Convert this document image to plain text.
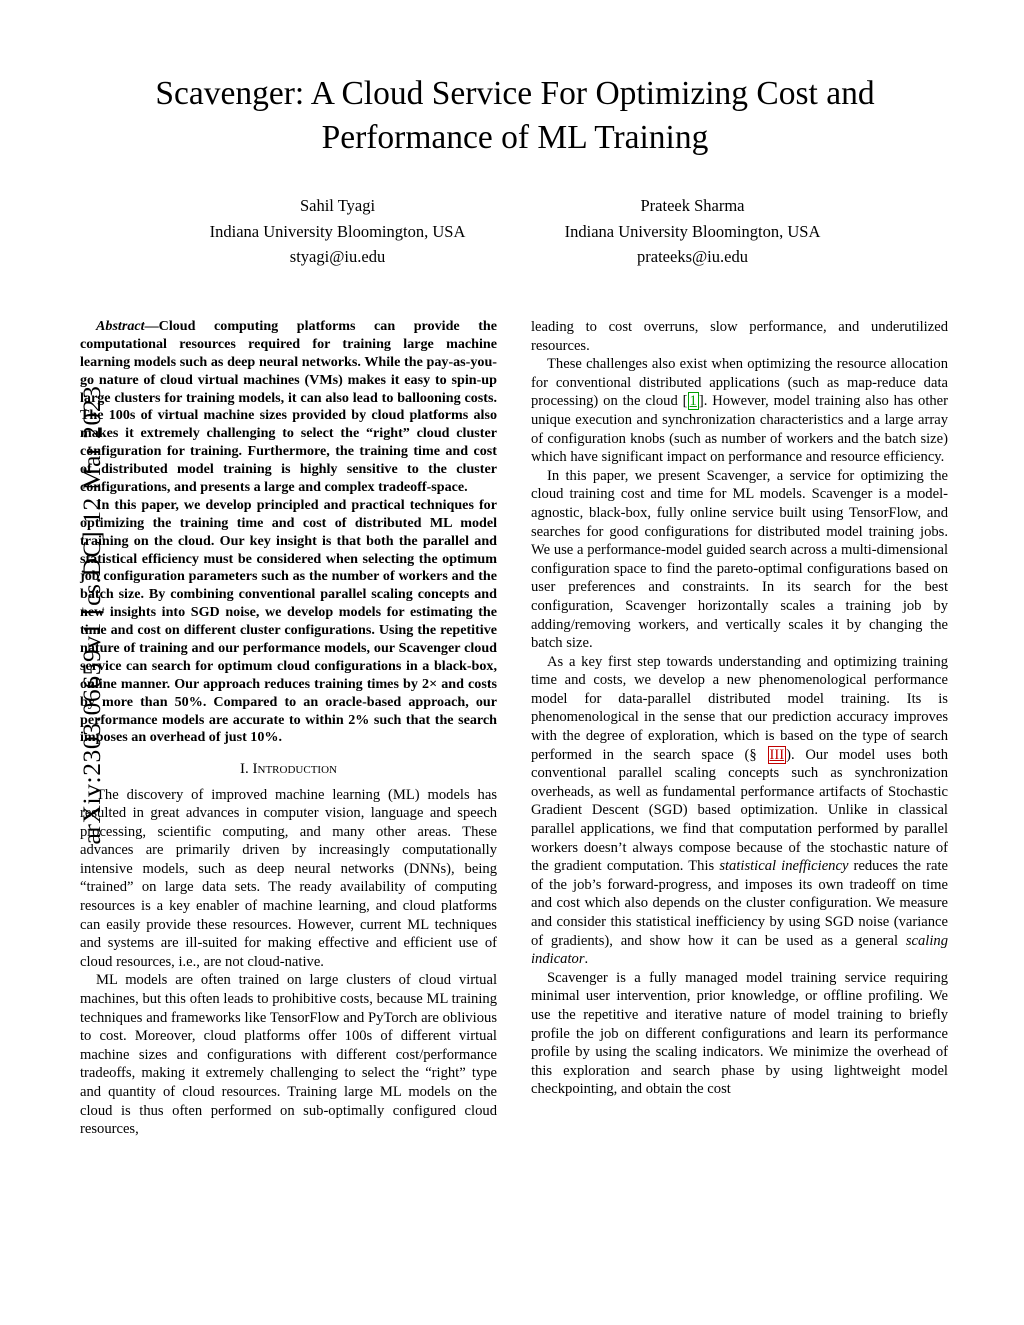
arXiv:2303.06659v1 [cs.DC] 12 Mar 2023
Scavenger: A Cloud Service For Optimizing Cost and Performance of ML Training
Sahil Tyagi
Indiana University Bloomington, USA
styagi@iu.edu
Prateek Sharma
Indiana University Bloomington, USA
prateeks@iu.edu

Abstract—Cloud computing platforms can provide the computational resources required for training large machine learning models such as deep neural networks. While the pay-as-you-go nature of cloud virtual machines (VMs) makes it easy to spin-up large clusters for training models, it can also lead to ballooning costs. The 100s of virtual machine sizes provided by cloud platforms also makes it extremely challenging to select the “right” cloud cluster configuration for training. Furthermore, the training time and cost of distributed model training is highly sensitive to the cluster configurations, and presents a large and complex tradeoff-space.

In this paper, we develop principled and practical techniques for optimizing the training time and cost of distributed ML model training on the cloud. Our key insight is that both the parallel and statistical efficiency must be considered when selecting the optimum job configuration parameters such as the number of workers and the batch size. By combining conventional parallel scaling concepts and new insights into SGD noise, we develop models for estimating the time and cost on different cluster configurations. Using the repetitive nature of training and our performance models, our Scavenger cloud service can search for optimum cloud configurations in a black-box, online manner. Our approach reduces training times by 2× and costs by more than 50%. Compared to an oracle-based approach, our performance models are accurate to within 2% such that the search imposes an overhead of just 10%.

I. Introduction

The discovery of improved machine learning (ML) models has resulted in great advances in computer vision, language and speech processing, scientific computing, and many other areas. These advances are primarily driven by increasingly computationally intensive models, such as deep neural networks (DNNs), being “trained” on large data sets. The ready availability of computing resources is a key enabler of machine learning, and cloud platforms can easily provide these resources. However, current ML techniques and systems are ill-suited for making effective and efficient use of cloud resources, i.e., are not cloud-native.

ML models are often trained on large clusters of cloud virtual machines, but this often leads to prohibitive costs, because ML training techniques and frameworks like TensorFlow and PyTorch are oblivious to cost. Moreover, cloud platforms offer 100s of different virtual machine sizes and configurations with different cost/performance tradeoffs, making it extremely challenging to select the “right” type and quantity of cloud resources. Training large ML models on the cloud is thus often performed on sub-optimally configured cloud resources,

leading to cost overruns, slow performance, and underutilized resources.

These challenges also exist when optimizing the resource allocation for conventional distributed applications (such as map-reduce data processing) on the cloud [ 1 ]. However, model training also has other unique execution and synchronization characteristics and a large array of configuration knobs (such as number of workers and the batch size) which have significant impact on performance and resource efficiency.

In this paper, we present Scavenger, a service for optimizing the cloud training cost and time for ML models. Scavenger is a model-agnostic, black-box, fully online service built using TensorFlow, and searches for good configurations for distributed model training jobs. We use a performance-model guided search across a multi-dimensional configuration space to find the pareto-optimal configurations based on user preferences and constraints. In its search for the best configuration, Scavenger horizontally scales a training job by adding/removing workers, and vertically scales it by changing the batch size.

As a key first step towards understanding and optimizing training time and costs, we develop a new phenomenological performance model for data-parallel distributed model training. Its is phenomenological in the sense that our prediction accuracy improves with the degree of exploration, which is based on the type of search performed in the search space (§ III ). Our model uses both conventional parallel scaling concepts such as synchronization overheads, as well as fundamental performance artifacts of Stochastic Gradient Descent (SGD) based optimization. Unlike in classical parallel applications, we find that computation performed by parallel workers doesn’t always compose because of the stochastic nature of the gradient computation. This statistical inefficiency reduces the rate of the job’s forward-progress, and imposes its own tradeoff on time and cost which also depends on the cluster configuration. We measure and consider this statistical inefficiency by using SGD noise (variance of gradients), and show how it can be used as a general scaling indicator.

Scavenger is a fully managed model training service requiring minimal user intervention, prior knowledge, or offline profiling. We use the repetitive and iterative nature of model training to briefly profile the job on different configurations and learn its performance profile by using the scaling indicators. We minimize the overhead of this exploration and search phase by using lightweight model checkpointing, and obtain the cost
